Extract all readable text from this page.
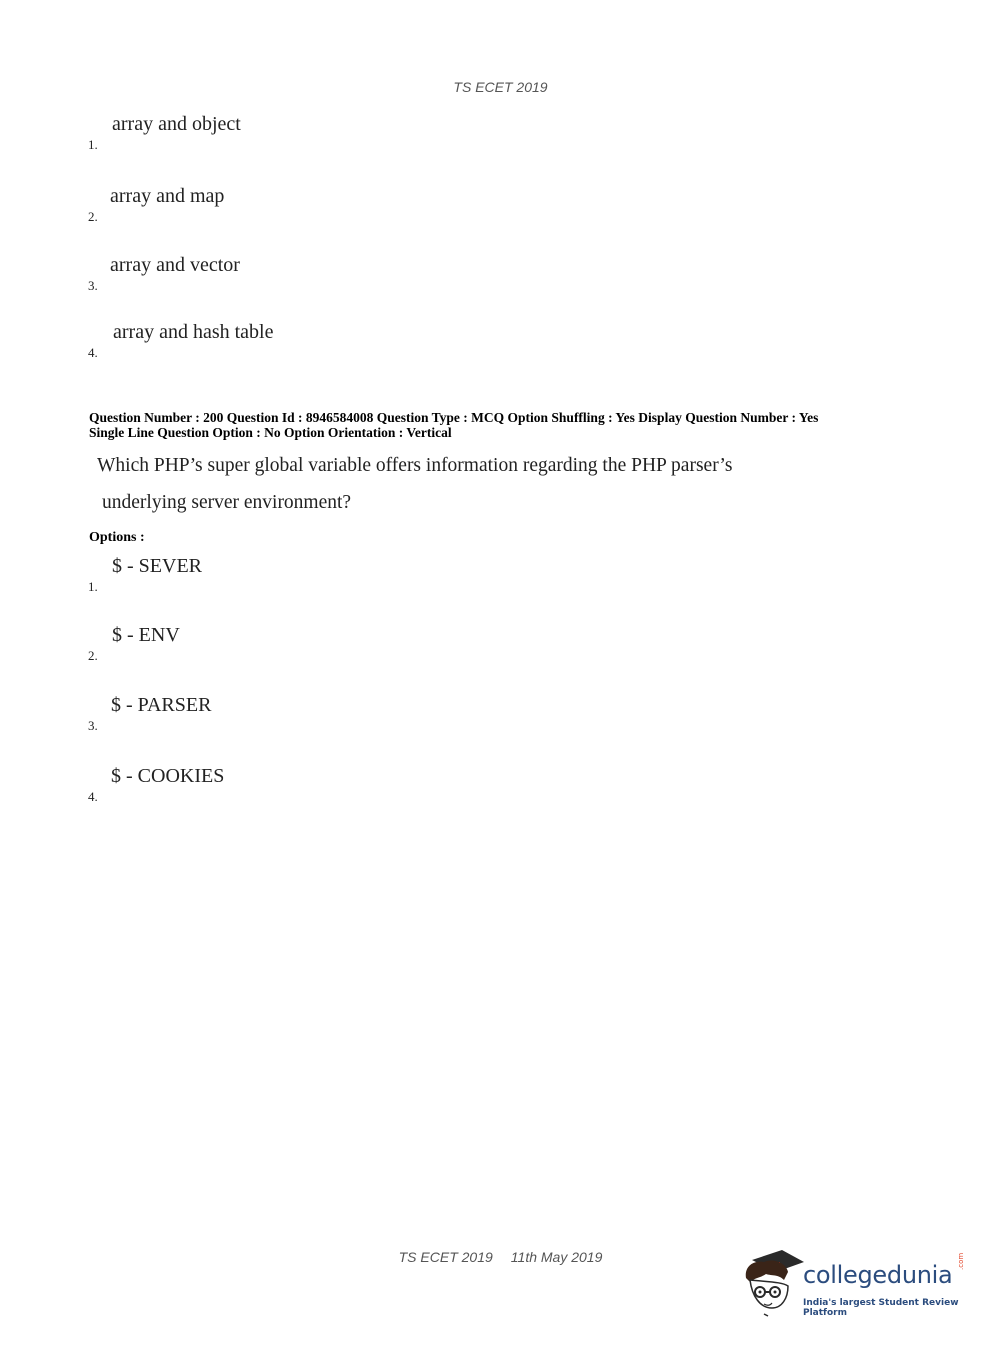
TS ECET 2019
1.
array and object
2.
array and map
3.
array and vector
4.
array and hash table
Question Number : 200 Question Id : 8946584008 Question Type : MCQ Option Shuffling : Yes Display Question Number : Yes
Single Line Question Option : No Option Orientation : Vertical
Which PHP’s super global variable offers information regarding the PHP parser’s
underlying server environment?
Options :
1.
$ - SEVER
2.
$ - ENV
3.
$ - PARSER
4.
$ - COOKIES
TS ECET 2019 11th May 2019
collegedunia .com
India's largest Student Review Platform
